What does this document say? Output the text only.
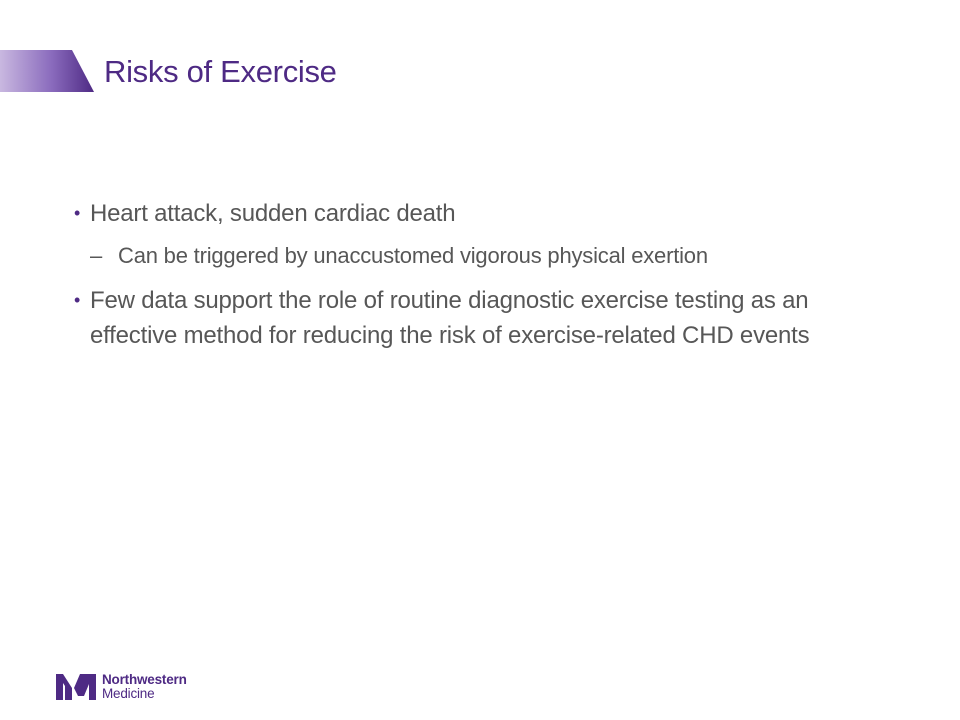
Risks of Exercise
• Heart attack, sudden cardiac death
– Can be triggered by unaccustomed vigorous physical exertion
• Few data support the role of routine diagnostic exercise testing as an effective method for reducing the risk of exercise-related CHD events
Northwestern
Medicine
